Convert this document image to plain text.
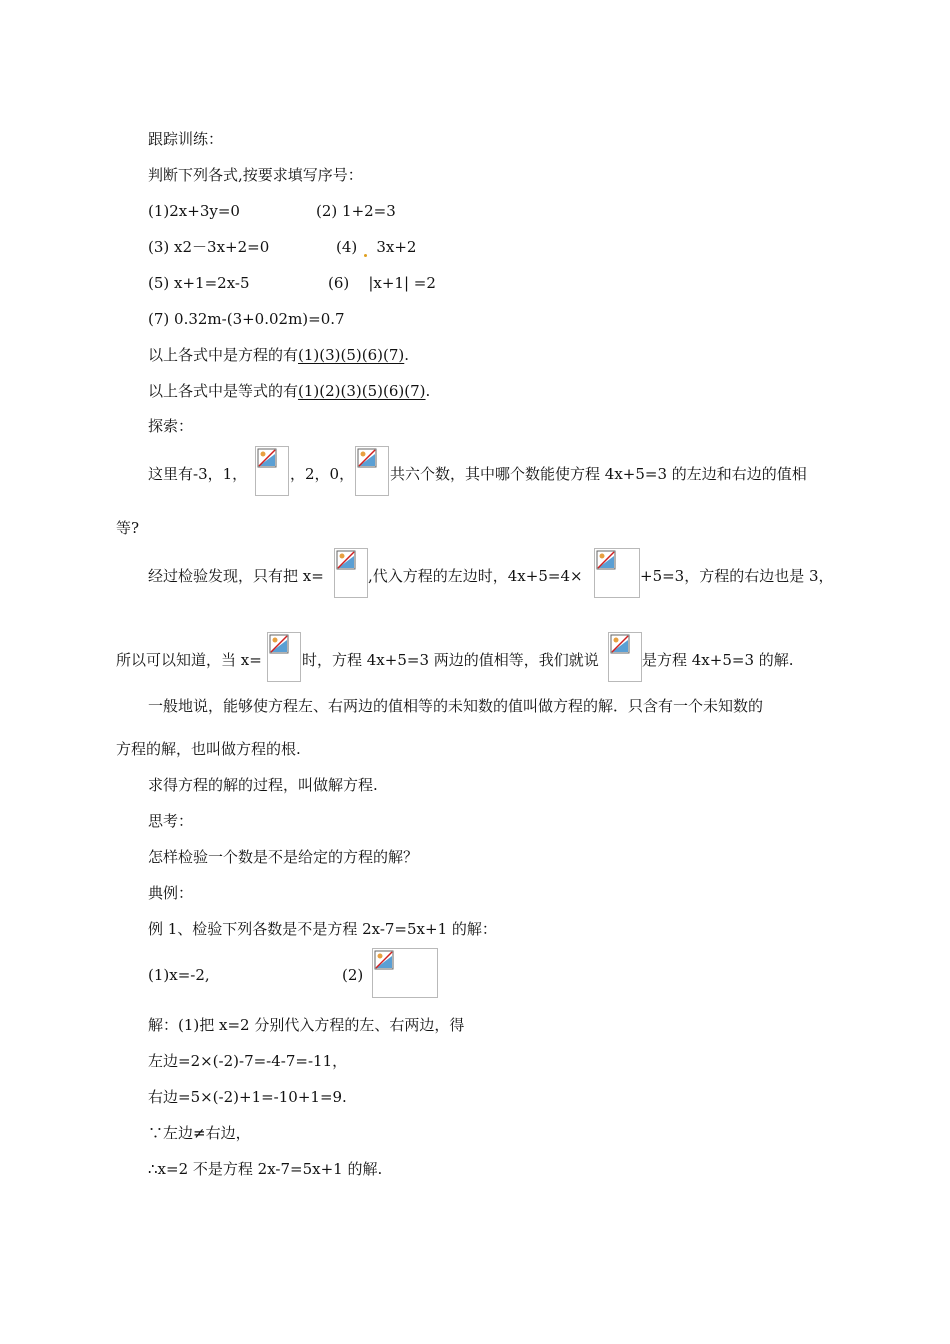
跟踪训练：
判断下列各式,按要求填写序号：
(1)2x+3y=0	(2) 1+2=3
(3) x2－3x+2=0	(4) 3x+2
(5) x+1=2x-5	(6) |x+1| =2
(7) 0.32m-(3+0.02m)=0.7
以上各式中是方程的有(1)(3)(5)(6)(7).
以上各式中是等式的有(1)(2)(3)(5)(6)(7).
探索：
这里有-3，1，	，2，0， 共六个数，其中哪个数能使方程 4x+5=3 的左边和右边的值相
等?
经过检验发现，只有把 x=	,代入方程的左边时，4x+5=4×	+5=3，方程的右边也是 3，
所以可以知道，当 x=	时，方程 4x+5=3 两边的值相等，我们就说	是方程 4x+5=3 的解.
一般地说，能够使方程左、右两边的值相等的未知数的值叫做方程的解．只含有一个未知数的
方程的解，也叫做方程的根.
求得方程的解的过程，叫做解方程.
思考：
怎样检验一个数是不是给定的方程的解？
典例：
例 1、检验下列各数是不是方程 2x-7=5x+1 的解：
(1)x=-2,	(2)
解：(1)把 x=2 分别代入方程的左、右两边，得
左边=2×(-2)-7=-4-7=-11，
右边=5×(-2)+1=-10+1=9.
∵左边≠右边，
∴x=2 不是方程 2x-7=5x+1 的解.
